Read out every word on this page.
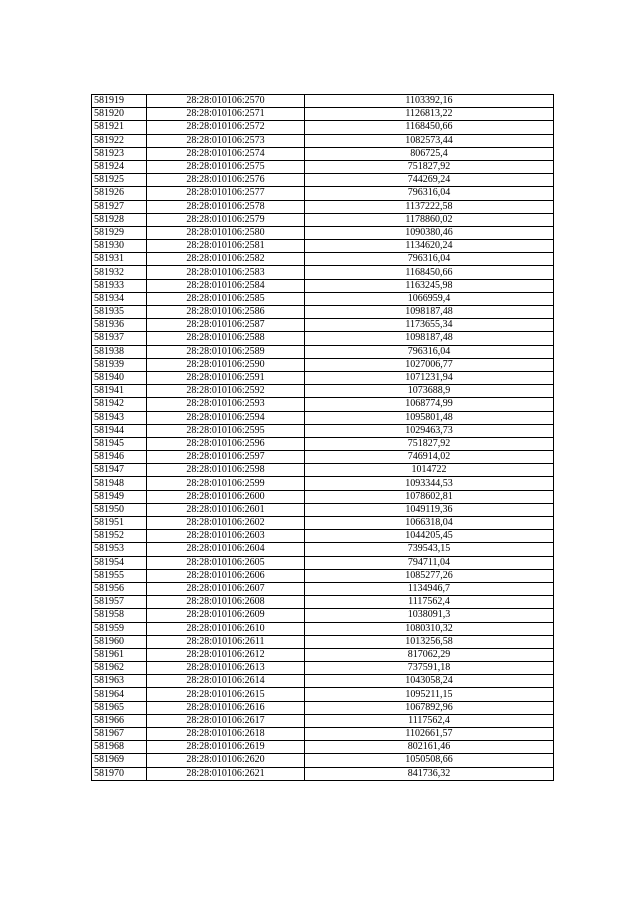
581919	28:28:010106:2570	1103392,16
581920	28:28:010106:2571	1126813,22
581921	28:28:010106:2572	1168450,66
581922	28:28:010106:2573	1082573,44
581923	28:28:010106:2574	806725,4
581924	28:28:010106:2575	751827,92
581925	28:28:010106:2576	744269,24
581926	28:28:010106:2577	796316,04
581927	28:28:010106:2578	1137222,58
581928	28:28:010106:2579	1178860,02
581929	28:28:010106:2580	1090380,46
581930	28:28:010106:2581	1134620,24
581931	28:28:010106:2582	796316,04
581932	28:28:010106:2583	1168450,66
581933	28:28:010106:2584	1163245,98
581934	28:28:010106:2585	1066959,4
581935	28:28:010106:2586	1098187,48
581936	28:28:010106:2587	1173655,34
581937	28:28:010106:2588	1098187,48
581938	28:28:010106:2589	796316,04
581939	28:28:010106:2590	1027006,77
581940	28:28:010106:2591	1071231,94
581941	28:28:010106:2592	1073688,9
581942	28:28:010106:2593	1068774,99
581943	28:28:010106:2594	1095801,48
581944	28:28:010106:2595	1029463,73
581945	28:28:010106:2596	751827,92
581946	28:28:010106:2597	746914,02
581947	28:28:010106:2598	1014722
581948	28:28:010106:2599	1093344,53
581949	28:28:010106:2600	1078602,81
581950	28:28:010106:2601	1049119,36
581951	28:28:010106:2602	1066318,04
581952	28:28:010106:2603	1044205,45
581953	28:28:010106:2604	739543,15
581954	28:28:010106:2605	794711,04
581955	28:28:010106:2606	1085277,26
581956	28:28:010106:2607	1134946,7
581957	28:28:010106:2608	1117562,4
581958	28:28:010106:2609	1038091,3
581959	28:28:010106:2610	1080310,32
581960	28:28:010106:2611	1013256,58
581961	28:28:010106:2612	817062,29
581962	28:28:010106:2613	737591,18
581963	28:28:010106:2614	1043058,24
581964	28:28:010106:2615	1095211,15
581965	28:28:010106:2616	1067892,96
581966	28:28:010106:2617	1117562,4
581967	28:28:010106:2618	1102661,57
581968	28:28:010106:2619	802161,46
581969	28:28:010106:2620	1050508,66
581970	28:28:010106:2621	841736,32
